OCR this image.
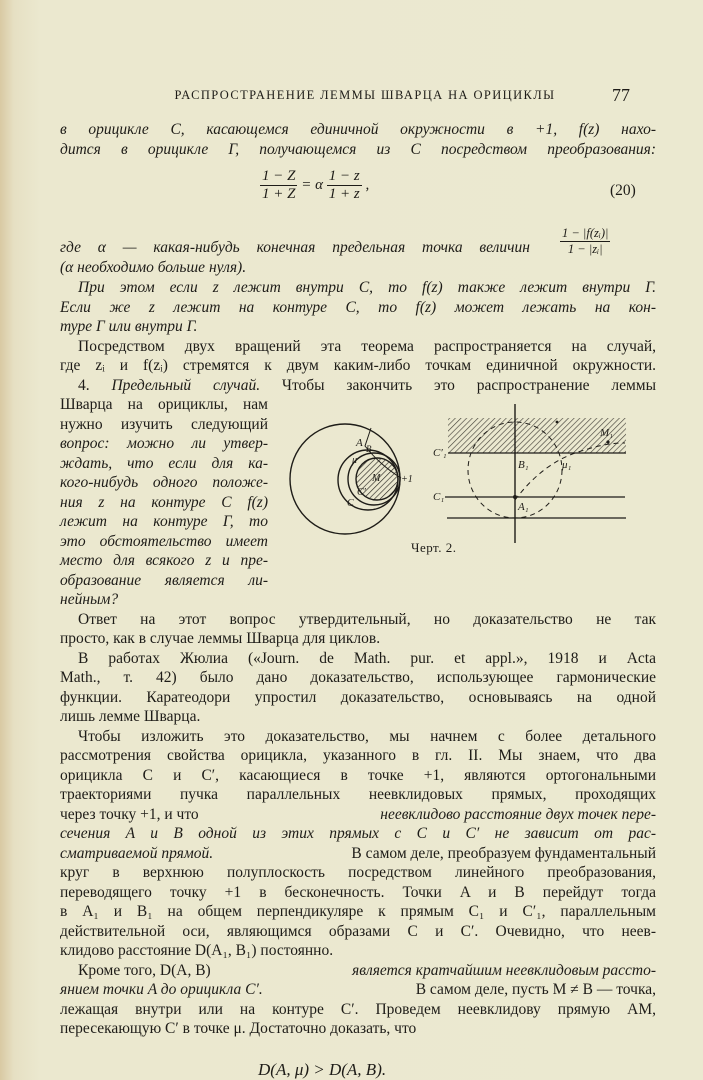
РАСПРОСТРАНЕНИЕ ЛЕММЫ ШВАРЦА НА ОРИЦИКЛЫ	77
в орицикле C, касающемся единичной окружности в +1, f(z) нахо-
дится в орицикле Γ, получающемся из C посредством преобразования:
$\frac{1 - Z}{1 + Z} = \alpha \frac{1 - z}{1 + z}$ ,	(20)
где α — какая-нибудь конечная предельная точка величин $\frac{\text{1 − |f(zᵢ)|}}{\text{1 − |zᵢ|}}$
(α необходимо больше нуля).
При этом если z лежит внутри C, то f(z) также лежит внутри Γ.
Если же z лежит на контуре C, то f(z) может лежать на кон-
туре Γ или внутри Γ.
Посредством двух вращений эта теорема распространяется на случай,
где zᵢ и f(zᵢ) стремятся к двум каким-либо точкам единичной окружности.
4. Предельный случай. Чтобы закончить это распространение леммы
Шварца на орициклы, нам
нужно изучить следующий
вопрос: можно ли утвер-
ждать, что если для ка-
кого-нибудь одного положе-
ния z на контуре C f(z)
лежит на контуре Γ, то
это обстоятельство имеет
место для всякого z и пре-
образование является ли-
нейным?
A B
μ
M +1
C′
C
C′₁
C₁
B₁
A₁
μ₁
M₁
Черт. 2.
Ответ на этот вопрос утвердительный, но доказательство не так
просто, как в случае леммы Шварца для циклов.
В работах Жюлиа («Journ. de Math. pur. et appl.», 1918 и Acta
Math., т. 42) было дано доказательство, использующее гармонические
функции. Каратеодори упростил доказательство, основываясь на одной
лишь лемме Шварца.
Чтобы изложить это доказательство, мы начнем с более детального
рассмотрения свойства орицикла, указанного в гл. II. Мы знаем, что два
орицикла C и C′, касающиеся в точке +1, являются ортогональными
траекториями пучка параллельных неевклидовых прямых, проходящих
через точку +1, и что	неевклидово расстояние двух точек пере-
сечения A и B одной из этих прямых с C и C′ не зависит от рас-
сматриваемой прямой.	В самом деле, преобразуем фундаментальный
круг в верхнюю полуплоскость посредством линейного преобразования,
переводящего точку +1 в бесконечность. Точки A и B перейдут тогда
в A₁ и B₁ на общем перпендикуляре к прямым C₁ и C′₁, параллельным
действительной оси, являющимся образами C и C′. Очевидно, что неев-
клидово расстояние D(A₁, B₁) постоянно.
Кроме того, D(A, B)	является кратчайшим неевклидовым рассто-
янием точки A до орицикла C′.	В самом деле, пусть M ≠ B — точка,
лежащая внутри или на контуре C′. Проведем неевклидову прямую AM,
пересекающую C′ в точке μ. Достаточно доказать, что
D(A, μ) > D(A, B).
